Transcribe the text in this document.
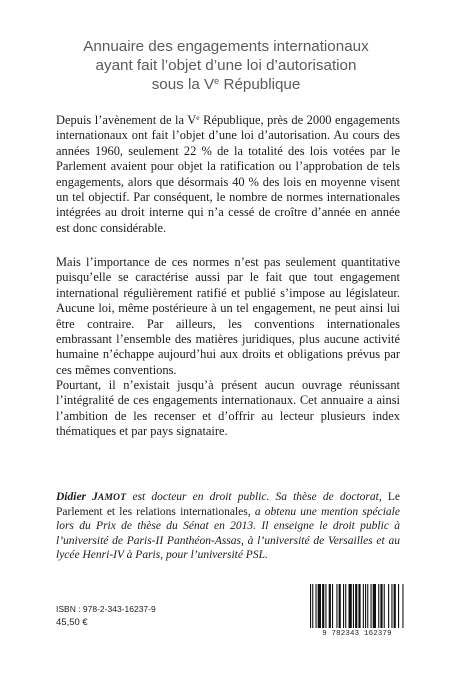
Annuaire des engagements internationaux
ayant fait l’objet d’une loi d’autorisation
sous la Ve République

Depuis l’avènement de la Ve République, près de 2000 engagements internationaux ont fait l’objet d’une loi d’autorisation. Au cours des années 1960, seulement 22 % de la totalité des lois votées par le Parlement avaient pour objet la ratification ou l’approbation de tels engagements, alors que désormais 40 % des lois en moyenne visent un tel objectif. Par conséquent, le nombre de normes internationales intégrées au droit interne qui n’a cessé de croître d’année en année est donc considérable.

Mais l’importance de ces normes n’est pas seulement quantitative puisqu’elle se caractérise aussi par le fait que tout engagement international régulièrement ratifié et publié s’impose au législateur. Aucune loi, même postérieure à un tel engagement, ne peut ainsi lui être contraire. Par ailleurs, les conventions internationales embrassant l’ensemble des matières juridiques, plus aucune activité humaine n’échappe aujourd’hui aux droits et obligations prévus par ces mêmes conventions.

Pourtant, il n’existait jusqu’à présent aucun ouvrage réunissant l’intégralité de ces engagements internationaux. Cet annuaire a ainsi l’ambition de les recenser et d’offrir au lecteur plusieurs index thématiques et par pays signataire.

Didier JAMOT est docteur en droit public. Sa thèse de doctorat, Le Parlement et les relations internationales, a obtenu une mention spéciale lors du Prix de thèse du Sénat en 2013. Il enseigne le droit public à l’université de Paris-II Panthéon-Assas, à l’université de Versailles et au lycée Henri-IV à Paris, pour l’université PSL.

ISBN : 978-2-343-16237-9
45,50 €
9 782343 162379
